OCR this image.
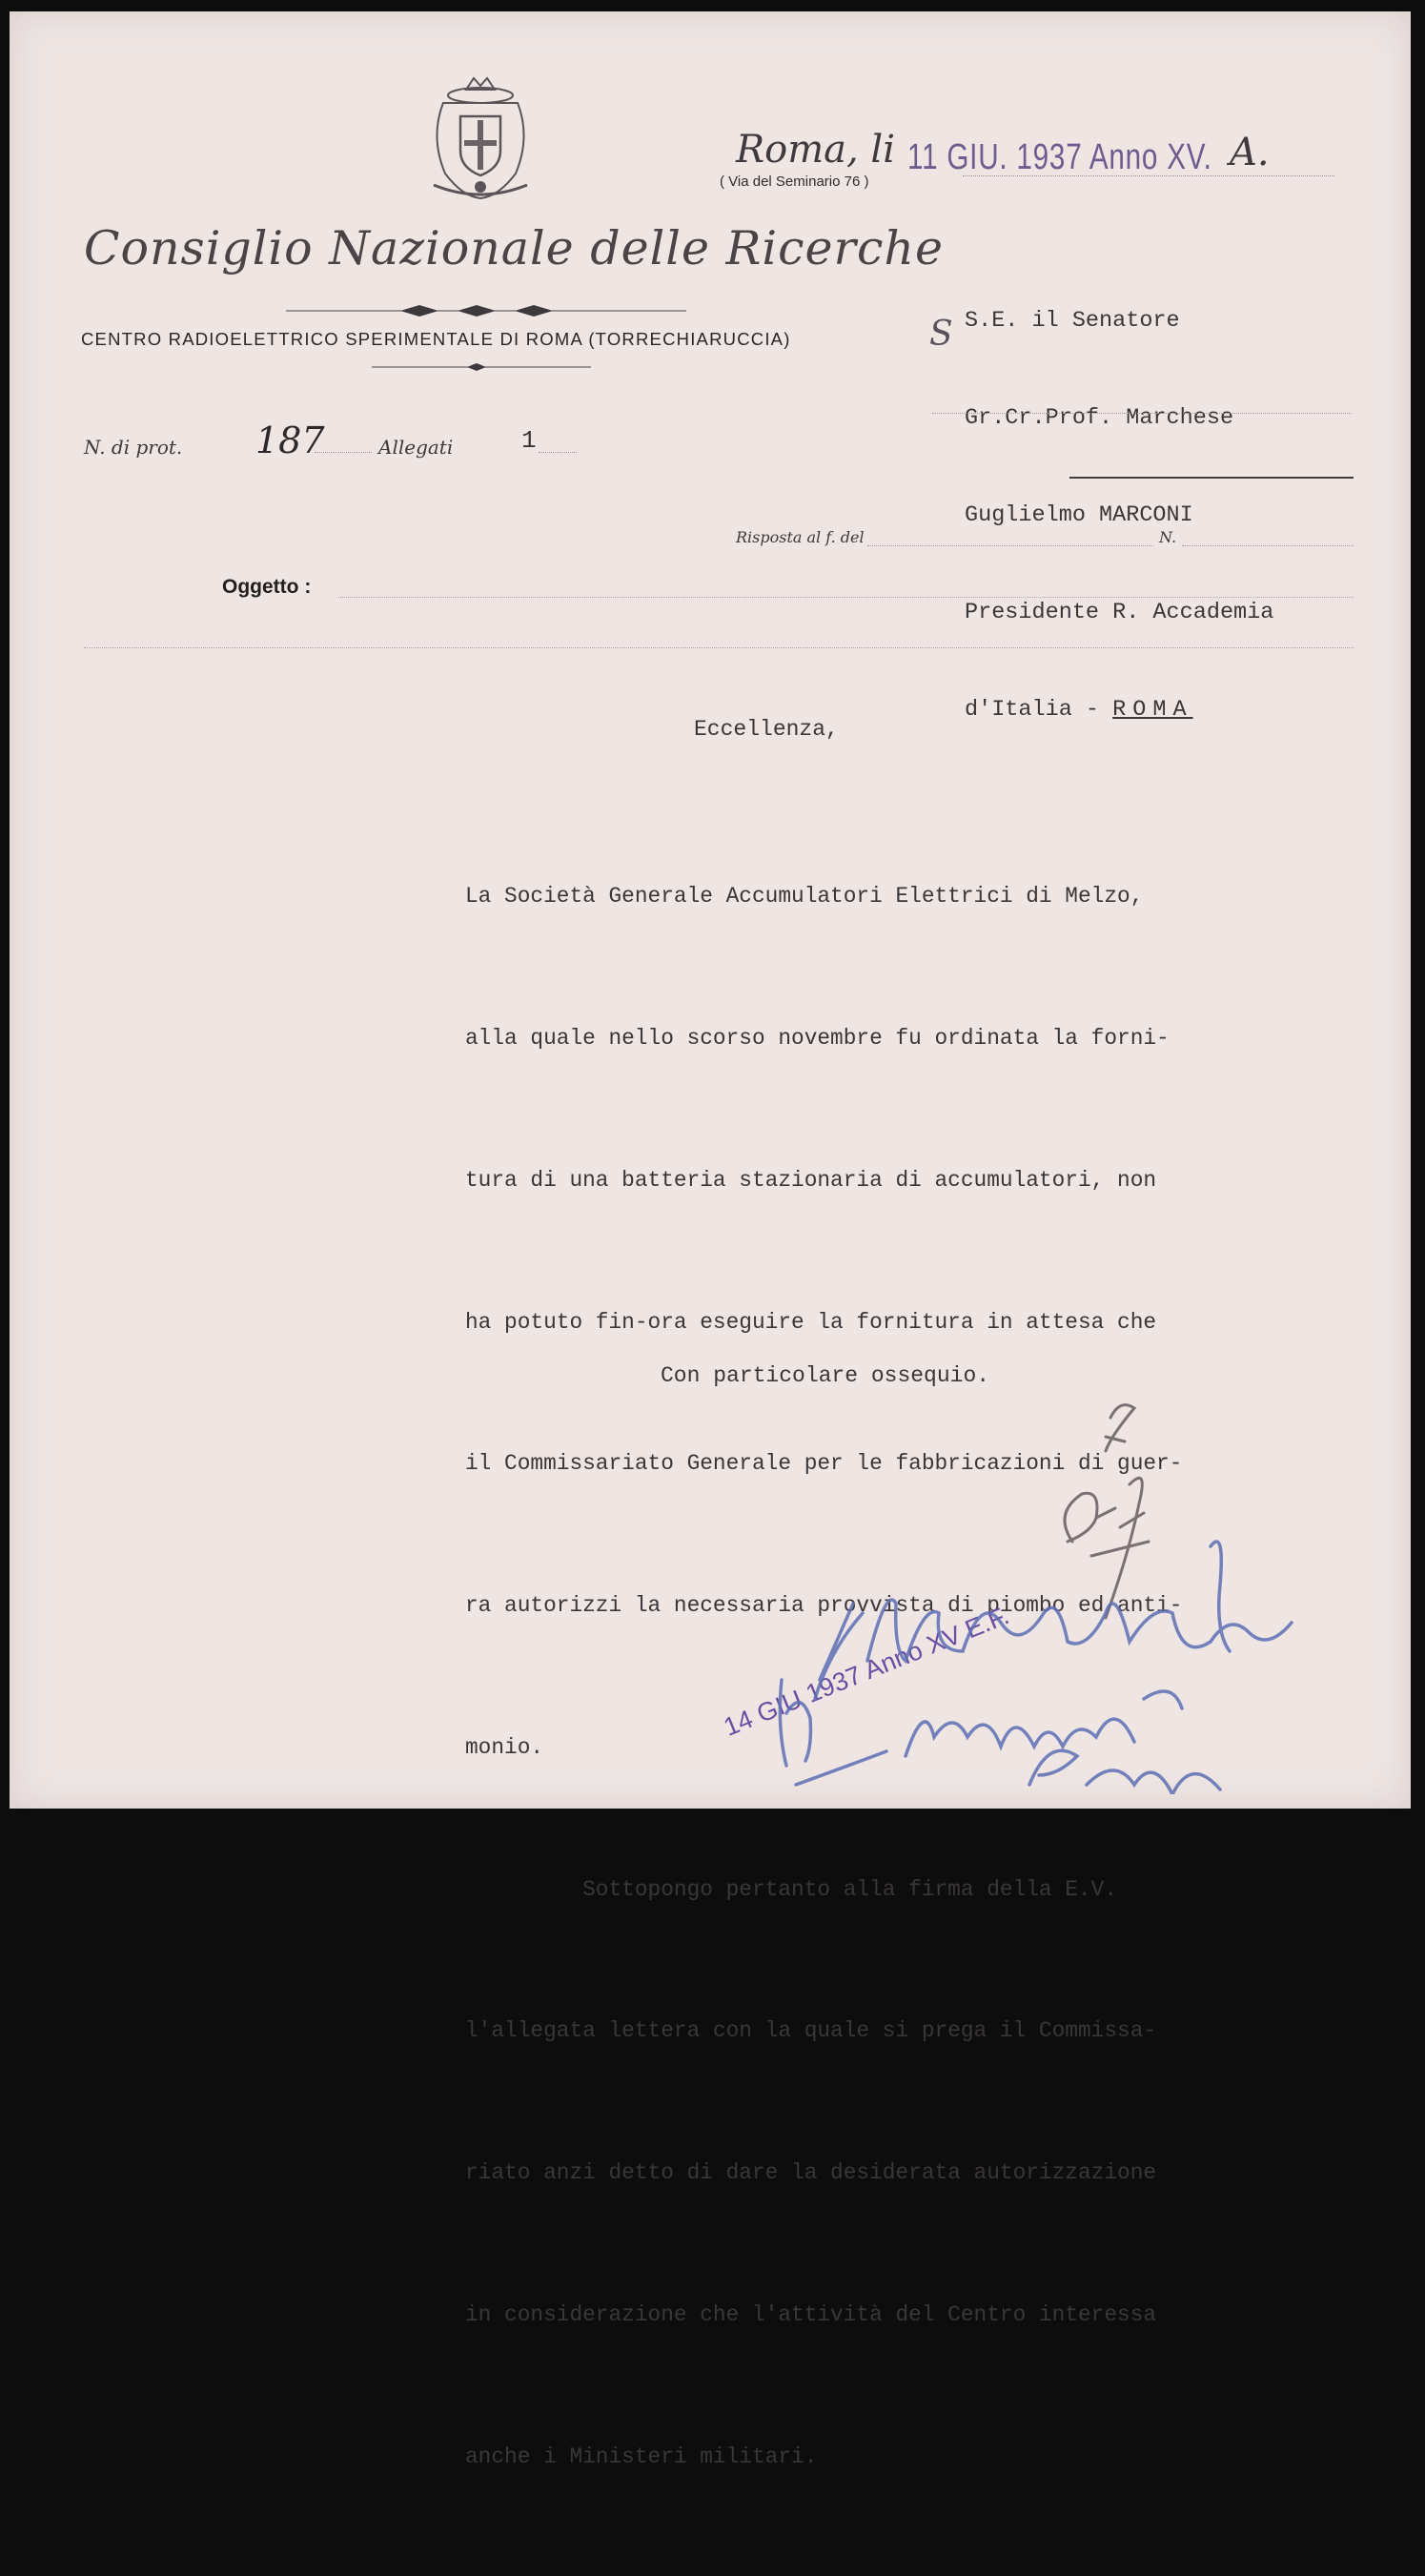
Consiglio Nazionale delle Ricerche
CENTRO RADIOELETTRICO SPERIMENTALE DI ROMA (TORRECHIARUCCIA)
Roma, li
( Via del Seminario 76 )
11 GIU. 1937 Anno XV. A.

S.E. il Senatore

Gr.Cr.Prof. Marchese

Guglielmo MARCONI

Presidente R. Accademia

d'Italia - ROMA

S
N. di prot. 187	Allegati	1
Risposta al f. del	N.
Oggetto :
Eccellenza,

La Società Generale Accumulatori Elettrici di Melzo,

alla quale nello scorso novembre fu ordinata la forni-

tura di una batteria stazionaria di accumulatori, non

ha potuto fin-ora eseguire la fornitura in attesa che

il Commissariato Generale per le fabbricazioni di guer-

ra autorizzi la necessaria provvista di piombo ed anti-

monio.

Sottopongo pertanto alla firma della E.V.

l'allegata lettera con la quale si prega il Commissa-

riato anzi detto di dare la desiderata autorizzazione

in considerazione che l'attività del Centro interessa

anche i Ministeri militari.

Con particolare ossequio.
14 GIU 1937 Anno XV E.F.
